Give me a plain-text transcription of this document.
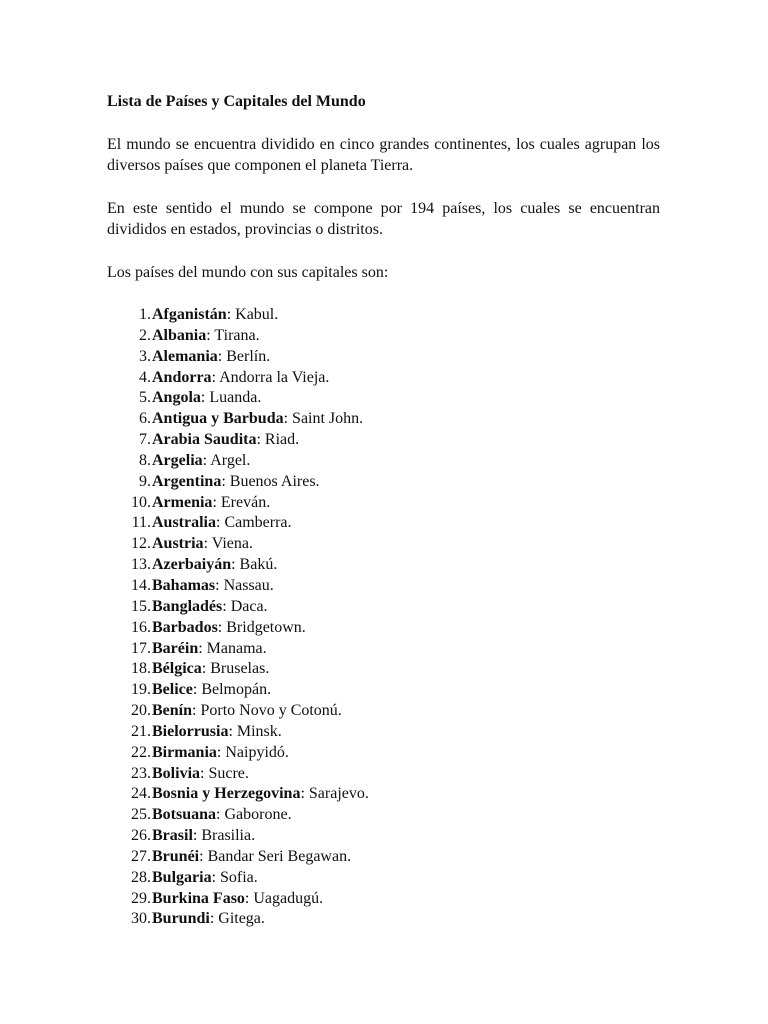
Lista de Países y Capitales del Mundo

El mundo se encuentra dividido en cinco grandes continentes, los cuales agrupan los diversos países que componen el planeta Tierra.

En este sentido el mundo se compone por 194 países, los cuales se encuentran divididos en estados, provincias o distritos.

Los países del mundo con sus capitales son:

1. Afganistán: Kabul.
2. Albania: Tirana.
3. Alemania: Berlín.
4. Andorra: Andorra la Vieja.
5. Angola: Luanda.
6. Antigua y Barbuda: Saint John.
7. Arabia Saudita: Riad.
8. Argelia: Argel.
9. Argentina: Buenos Aires.
10. Armenia: Ereván.
11. Australia: Camberra.
12. Austria: Viena.
13. Azerbaiyán: Bakú.
14. Bahamas: Nassau.
15. Bangladés: Daca.
16. Barbados: Bridgetown.
17. Baréin: Manama.
18. Bélgica: Bruselas.
19. Belice: Belmopán.
20. Benín: Porto Novo y Cotonú.
21. Bielorrusia: Minsk.
22. Birmania: Naipyidó.
23. Bolivia: Sucre.
24. Bosnia y Herzegovina: Sarajevo.
25. Botsuana: Gaborone.
26. Brasil: Brasilia.
27. Brunéi: Bandar Seri Begawan.
28. Bulgaria: Sofia.
29. Burkina Faso: Uagadugú.
30. Burundi: Gitega.
